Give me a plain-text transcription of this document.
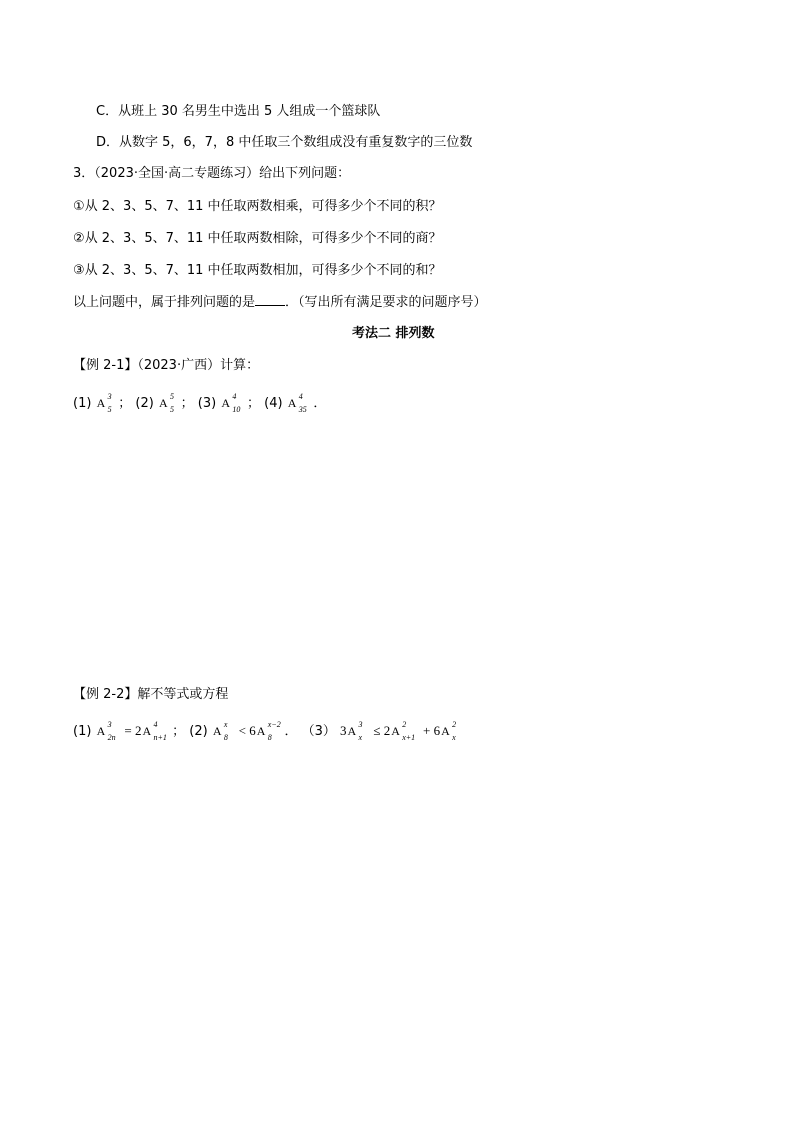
C．从班上 30 名男生中选出 5 人组成一个篮球队
D．从数字 5，6，7，8 中任取三个数组成没有重复数字的三位数
3．（2023·全国·高二专题练习）给出下列问题：
①从 2、3、5、7、11 中任取两数相乘，可得多少个不同的积？
②从 2、3、5、7、11 中任取两数相除，可得多少个不同的商？
③从 2、3、5、7、11 中任取两数相加，可得多少个不同的和？
以上问题中，属于排列问题的是 ．（写出所有满足要求的问题序号）
考法二 排列数
【例 2-1】（2023·广西）计算：
(1) A 3
5 ； (2) A 5
5 ； (3) A 4
10 ； (4) A 4
35 ．
【例 2-2】解不等式或方程
(1) A 3
2n = 2A 4
n+1 ； (2) A x
8 < 6A x−2
8 ． （3） 3A 3
x ≤ 2A 2
x+1 + 6A 2
x
